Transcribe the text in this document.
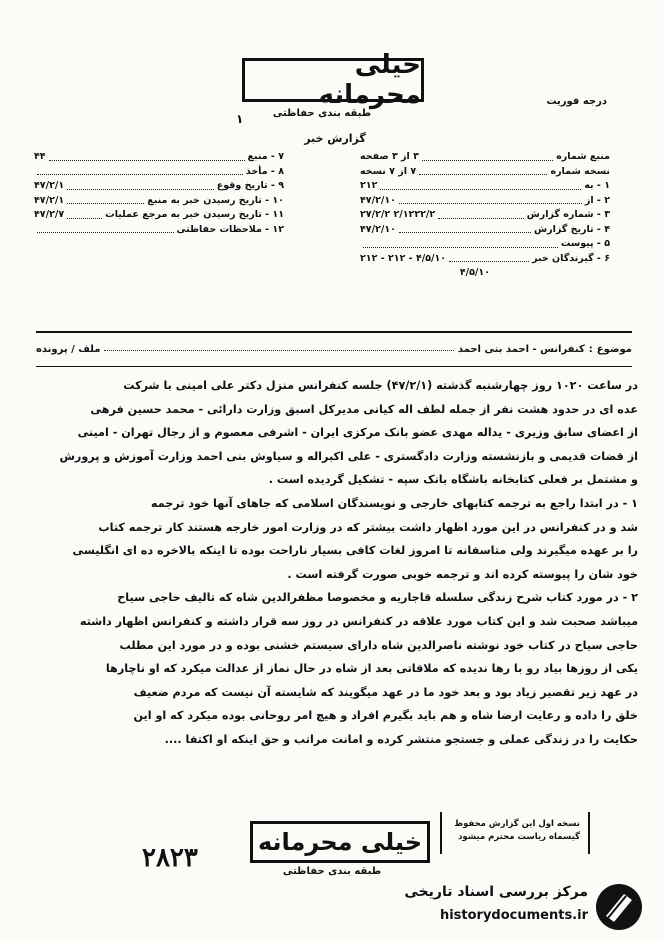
خیلی محرمانه
طبقه بندی حفاظتی
۱
درجه فوریت
گزارش خبر
منبع شماره
۳ از ۳ صفحه
نسخه شماره
۷ از ۷ نسخه
۱ - به
۲۱۲
۲ - از
۴۷/۲/۱۰
۳ - شماره گزارش
۲/۱۲۲۲/۲ ۲۷/۲/۲
۴ - تاریخ گزارش
۴۷/۲/۱۰
۵ - پیوست
۶ - گیرندگان خبر
۴/۵/۱۰ - ۲۱۲ - ۲۱۲
۴/۵/۱۰
۷ - منبع
۴۴
۸ - مأخذ
۹ - تاریخ وقوع
۴۷/۲/۱
۱۰ - تاریخ رسیدن خبر به منبع
۴۷/۲/۱
۱۱ - تاریخ رسیدن خبر به مرجع عملیات
۴۷/۲/۷
۱۲ - ملاحظات حفاظتی
موضوع
:
کنفرانس - احمد بنی احمد
ملف / پرونده

در ساعت ۱۰۲۰ روز چهارشنبه گذشته (۴۷/۲/۱) جلسه کنفرانس منزل دکتر علی امینی با شرکت

عده ای در حدود هشت نفر از جمله لطف اله کیانی مدیرکل اسبق وزارت دارائی - محمد حسین فرهی

از اعضای سابق وزیری - یداله مهدی عضو بانک مرکزی ایران - اشرفی معصوم و از رجال تهران - امینی

از قضات قدیمی و بازنشسته وزارت دادگستری - علی اکبراله و سیاوش بنی احمد وزارت آموزش و پرورش

و مشتمل بر فعلی کتابخانه باشگاه بانک سپه - تشکیل گردیده است .

۱ - در ابتدا راجع به ترجمه کتابهای خارجی و نویسندگان اسلامی که جاهای آنها خود ترجمه

شد و در کنفرانس در این مورد اظهار داشت بیشتر که در وزارت امور خارجه هستند کار ترجمه کتاب

را بر عهده میگیرند ولی متاسفانه تا امروز لغات کافی بسیار ناراحت بوده تا اینکه بالاخره ده ای انگلیسی

خود شان را پیوسته کرده اند و ترجمه خوبی صورت گرفته است .

۲ - در مورد کتاب شرح زندگی سلسله قاجاریه و مخصوصا مظفرالدین شاه که تالیف حاجی سیاح

میباشد صحبت شد و این کتاب مورد علاقه در کنفرانس در روز سه قرار داشته و کنفرانس اظهار داشته

حاجی سیاح در کتاب خود نوشته ناصرالدین شاه دارای سیستم خشنی بوده و در مورد این مطلب

یکی از روزها بیاد رو با رها ندیده که ملاقاتی بعد از شاه در حال نماز از عدالت میکرد که او ناچارها

در عهد زیر تقصیر زیاد بود و بعد خود ما در عهد میگویند که شایسته آن نیست که مردم ضعیف

خلق را داده و رعایت ارضا شاه و هم باید بگیرم افراد و هیچ امر روحانی بوده میکرد که او این

حکایت را در زندگی عملی و جستجو منتشر کرده و امانت مراتب و حق اینکه او اکتفا ....

نسخه اول این گزارش محفوظ
گیسماه ریاست محترم میشود
خیلی محرمانه
طبقه بندی حفاظتی
۲۸۲۳
مرکز بررسی اسناد تاریخی
historydocuments.ir
